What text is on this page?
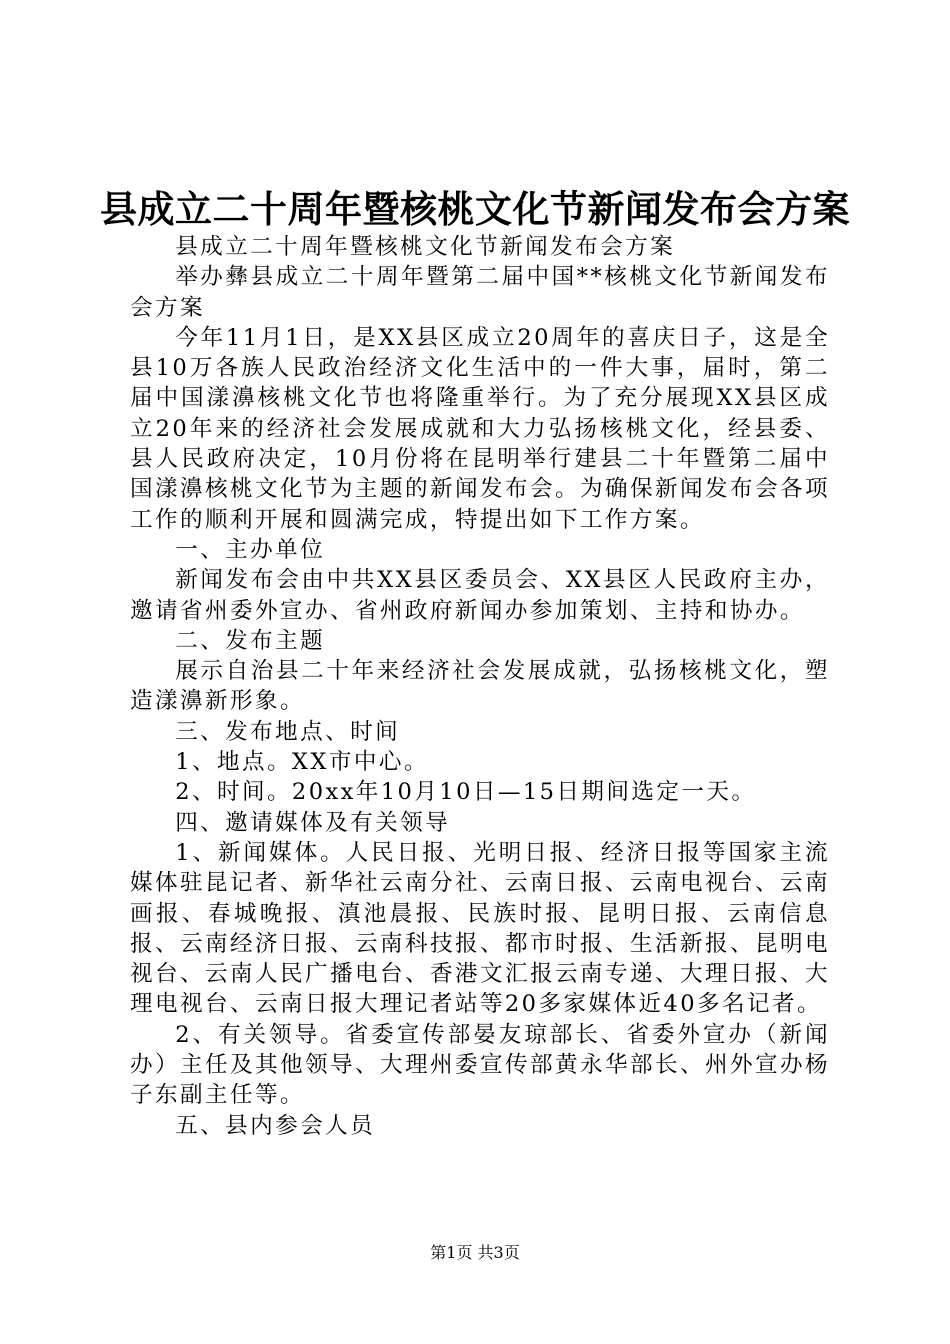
县成立二十周年暨核桃文化节新闻发布会方案

县成立二十周年暨核桃文化节新闻发布会方案

举办彝县成立二十周年暨第二届中国**核桃文化节新闻发布会方案

今年11月1日，是XX县区成立20周年的喜庆日子，这是全县10万各族人民政治经济文化生活中的一件大事，届时，第二届中国漾濞核桃文化节也将隆重举行。为了充分展现XX县区成立20年来的经济社会发展成就和大力弘扬核桃文化，经县委、县人民政府决定，10月份将在昆明举行建县二十年暨第二届中国漾濞核桃文化节为主题的新闻发布会。为确保新闻发布会各项工作的顺利开展和圆满完成，特提出如下工作方案。

一、主办单位

新闻发布会由中共XX县区委员会、XX县区人民政府主办，邀请省州委外宣办、省州政府新闻办参加策划、主持和协办。

二、发布主题

展示自治县二十年来经济社会发展成就，弘扬核桃文化，塑造漾濞新形象。

三、发布地点、时间

1、地点。XX市中心。

2、时间。20xx年10月10日—15日期间选定一天。

四、邀请媒体及有关领导

1、新闻媒体。人民日报、光明日报、经济日报等国家主流媒体驻昆记者、新华社云南分社、云南日报、云南电视台、云南画报、春城晚报、滇池晨报、民族时报、昆明日报、云南信息报、云南经济日报、云南科技报、都市时报、生活新报、昆明电视台、云南人民广播电台、香港文汇报云南专递、大理日报、大理电视台、云南日报大理记者站等20多家媒体近40多名记者。

2、有关领导。省委宣传部晏友琼部长、省委外宣办（新闻办）主任及其他领导、大理州委宣传部黄永华部长、州外宣办杨子东副主任等。

五、县内参会人员

第1页 共3页
